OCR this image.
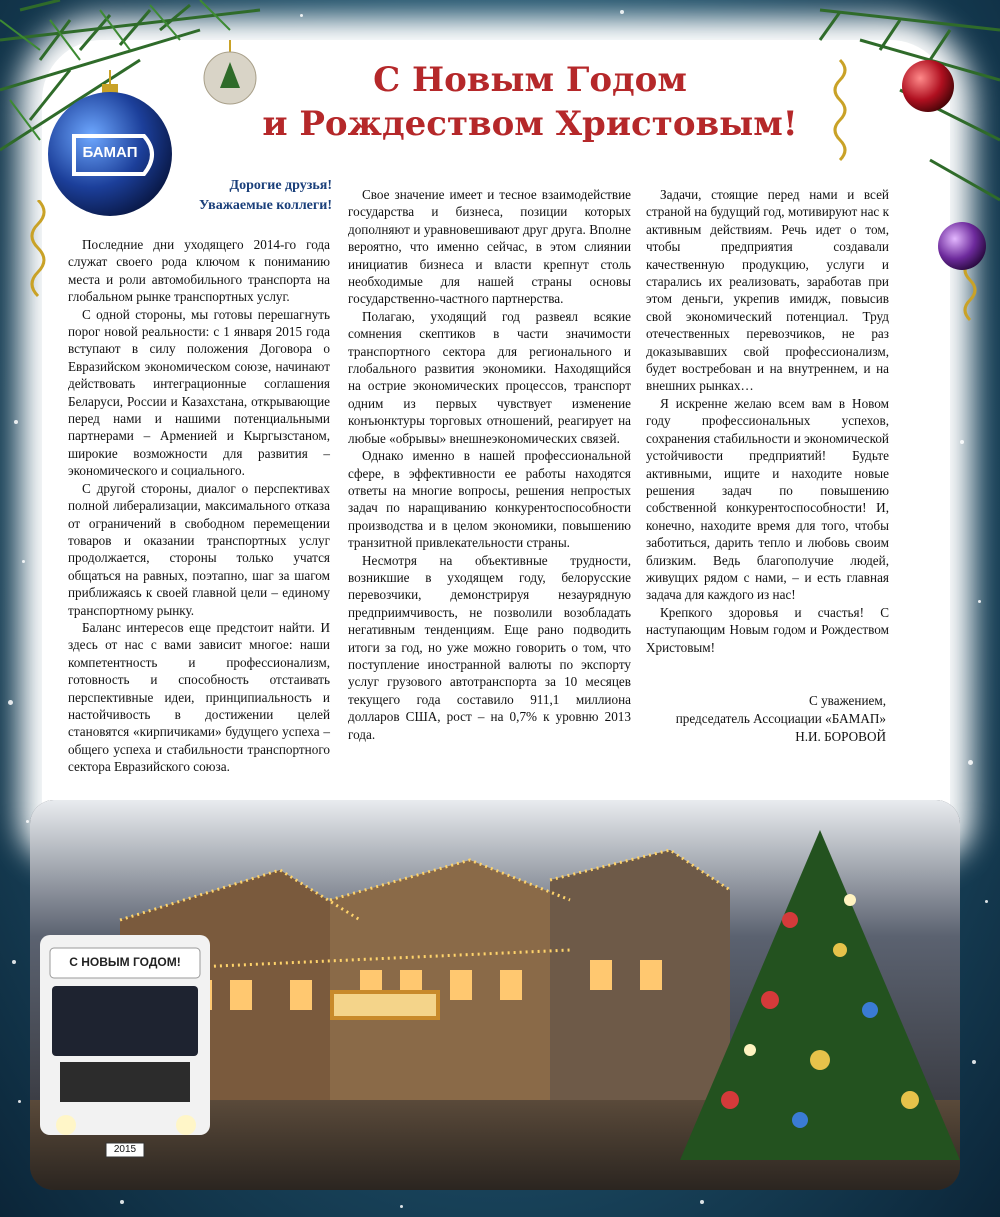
БАМАП
С Новым Годом
и Рождеством Христовым!
Дорогие друзья!
Уважаемые коллеги!

Последние дни уходящего 2014-го года служат своего рода ключом к пониманию места и роли автомобильного транспорта на глобальном рынке транспортных услуг.

С одной стороны, мы готовы перешагнуть порог новой реальности: с 1 января 2015 года вступают в силу положения Договора о Евразийском экономическом союзе, начинают действовать интеграционные соглашения Беларуси, России и Казахстана, открывающие перед нами и нашими потенциальными партнерами – Арменией и Кыргызстаном, широкие возможности для развития – экономического и социального.

С другой стороны, диалог о перспективах полной либерализации, максимального отказа от ограничений в свободном перемещении товаров и оказании транспортных услуг продолжается, стороны только учатся общаться на равных, поэтапно, шаг за шагом приближаясь к своей главной цели – единому транспортному рынку.

Баланс интересов еще предстоит найти. И здесь от нас с вами зависит многое: наши компетентность и профессионализм, готовность и способность отстаивать перспективные идеи, принципиальность и настойчивость в достижении целей становятся «кирпичиками» будущего успеха – общего успеха и стабильности транспортного сектора Евразийского союза.

Свое значение имеет и тесное взаимодействие государства и бизнеса, позиции которых дополняют и уравновешивают друг друга. Вполне вероятно, что именно сейчас, в этом слиянии инициатив бизнеса и власти крепнут столь необходимые для нашей страны основы государственно-частного партнерства.

Полагаю, уходящий год развеял всякие сомнения скептиков в части значимости транспортного сектора для регионального и глобального развития экономики. Находящийся на острие экономических процессов, транспорт одним из первых чувствует изменение конъюнктуры торговых отношений, реагирует на любые «обрывы» внешнеэкономических связей.

Однако именно в нашей профессиональной сфере, в эффективности ее работы находятся ответы на многие вопросы, решения непростых задач по наращиванию конкурентоспособности производства и в целом экономики, повышению транзитной привлекательности страны.

Несмотря на объективные трудности, возникшие в уходящем году, белорусские перевозчики, демонстрируя незаурядную предприимчивость, не позволили возобладать негативным тенденциям. Еще рано подводить итоги за год, но уже можно говорить о том, что поступление иностранной валюты по экспорту услуг грузового автотранспорта за 10 месяцев текущего года составило 911,1 миллиона долларов США, рост – на 0,7% к уровню 2013 года.

Задачи, стоящие перед нами и всей страной на будущий год, мотивируют нас к активным действиям. Речь идет о том, чтобы предприятия создавали качественную продукцию, услуги и старались их реализовать, заработав при этом деньги, укрепив имидж, повысив свой экономический потенциал. Труд отечественных перевозчиков, не раз доказывавших свой профессионализм, будет востребован и на внутреннем, и на внешних рынках…

Я искренне желаю всем вам в Новом году профессиональных успехов, сохранения стабильности и экономической устойчивости предприятий! Будьте активными, ищите и находите новые решения задач по повышению собственной конкурентоспособности! И, конечно, находите время для того, чтобы заботиться, дарить тепло и любовь своим близким. Ведь благополучие людей, живущих рядом с нами, – и есть главная задача для каждого из нас!

Крепкого здоровья и счастья! С наступающим Новым годом и Рождеством Христовым!

С уважением,
председатель Ассоциации «БАМАП»
Н.И. БОРОВОЙ
С НОВЫМ ГОДОМ!
2015
